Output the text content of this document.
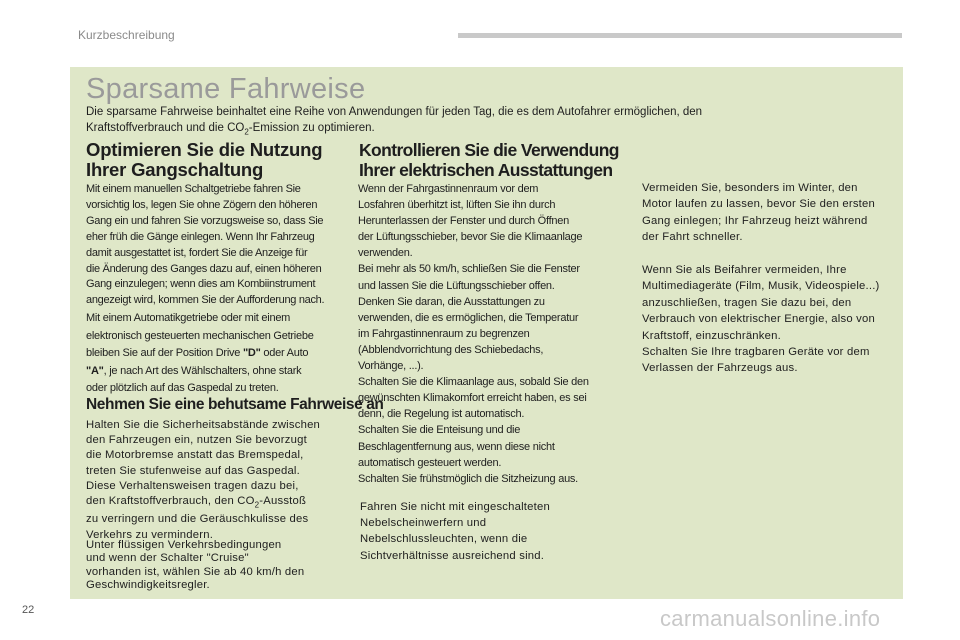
Kurzbeschreibung
Sparsame Fahrweise
Die sparsame Fahrweise beinhaltet eine Reihe von Anwendungen für jeden Tag, die es dem Autofahrer ermöglichen, den
Kraftstoffverbrauch und die $CO_2$-Emission zu optimieren.
Optimieren Sie die Nutzung
Ihrer Gangschaltung
Mit einem manuellen Schaltgetriebe fahren Sie
vorsichtig los, legen Sie ohne Zögern den höheren
Gang ein und fahren Sie vorzugsweise so, dass Sie
eher früh die Gänge einlegen. Wenn Ihr Fahrzeug
damit ausgestattet ist, fordert Sie die Anzeige für
die Änderung des Ganges dazu auf, einen höheren
Gang einzulegen; wenn dies am Kombiinstrument
angezeigt wird, kommen Sie der Aufforderung nach.
Mit einem Automatikgetriebe oder mit einem
elektronisch gesteuerten mechanischen Getriebe
bleiben Sie auf der Position Drive "D" oder Auto
"A", je nach Art des Wählschalters, ohne stark
oder plötzlich auf das Gaspedal zu treten.
Nehmen Sie eine behutsame Fahrweise an
Halten Sie die Sicherheitsabstände zwischen
den Fahrzeugen ein, nutzen Sie bevorzugt
die Motorbremse anstatt das Bremspedal,
treten Sie stufenweise auf das Gaspedal.
Diese Verhaltensweisen tragen dazu bei,
den Kraftstoffverbrauch, den $CO_2$-Ausstoß
zu verringern und die Geräuschkulisse des
Verkehrs zu vermindern.
Unter flüssigen Verkehrsbedingungen
und wenn der Schalter "Cruise"
vorhanden ist, wählen Sie ab 40 km/h den
Geschwindigkeitsregler.
Kontrollieren Sie die Verwendung
Ihrer elektrischen Ausstattungen
Wenn der Fahrgastinnenraum vor dem
Losfahren überhitzt ist, lüften Sie ihn durch
Herunterlassen der Fenster und durch Öffnen
der Lüftungsschieber, bevor Sie die Klimaanlage
verwenden.
Bei mehr als 50 km/h, schließen Sie die Fenster
und lassen Sie die Lüftungsschieber offen.
Denken Sie daran, die Ausstattungen zu
verwenden, die es ermöglichen, die Temperatur
im Fahrgastinnenraum zu begrenzen
(Abblendvorrichtung des Schiebedachs,
Vorhänge, ...).
Schalten Sie die Klimaanlage aus, sobald Sie den
gewünschten Klimakomfort erreicht haben, es sei
denn, die Regelung ist automatisch.
Schalten Sie die Enteisung und die
Beschlagentfernung aus, wenn diese nicht
automatisch gesteuert werden.
Schalten Sie frühstmöglich die Sitzheizung aus.
Fahren Sie nicht mit eingeschalteten
Nebelscheinwerfern und
Nebelschlussleuchten, wenn die
Sichtverhältnisse ausreichend sind.
Vermeiden Sie, besonders im Winter, den
Motor laufen zu lassen, bevor Sie den ersten
Gang einlegen; Ihr Fahrzeug heizt während
der Fahrt schneller.
Wenn Sie als Beifahrer vermeiden, Ihre
Multimediageräte (Film, Musik, Videospiele...)
anzuschließen, tragen Sie dazu bei, den
Verbrauch von elektrischer Energie, also von
Kraftstoff, einzuschränken.
Schalten Sie Ihre tragbaren Geräte vor dem
Verlassen der Fahrzeugs aus.
22	carmanualsonline.info
